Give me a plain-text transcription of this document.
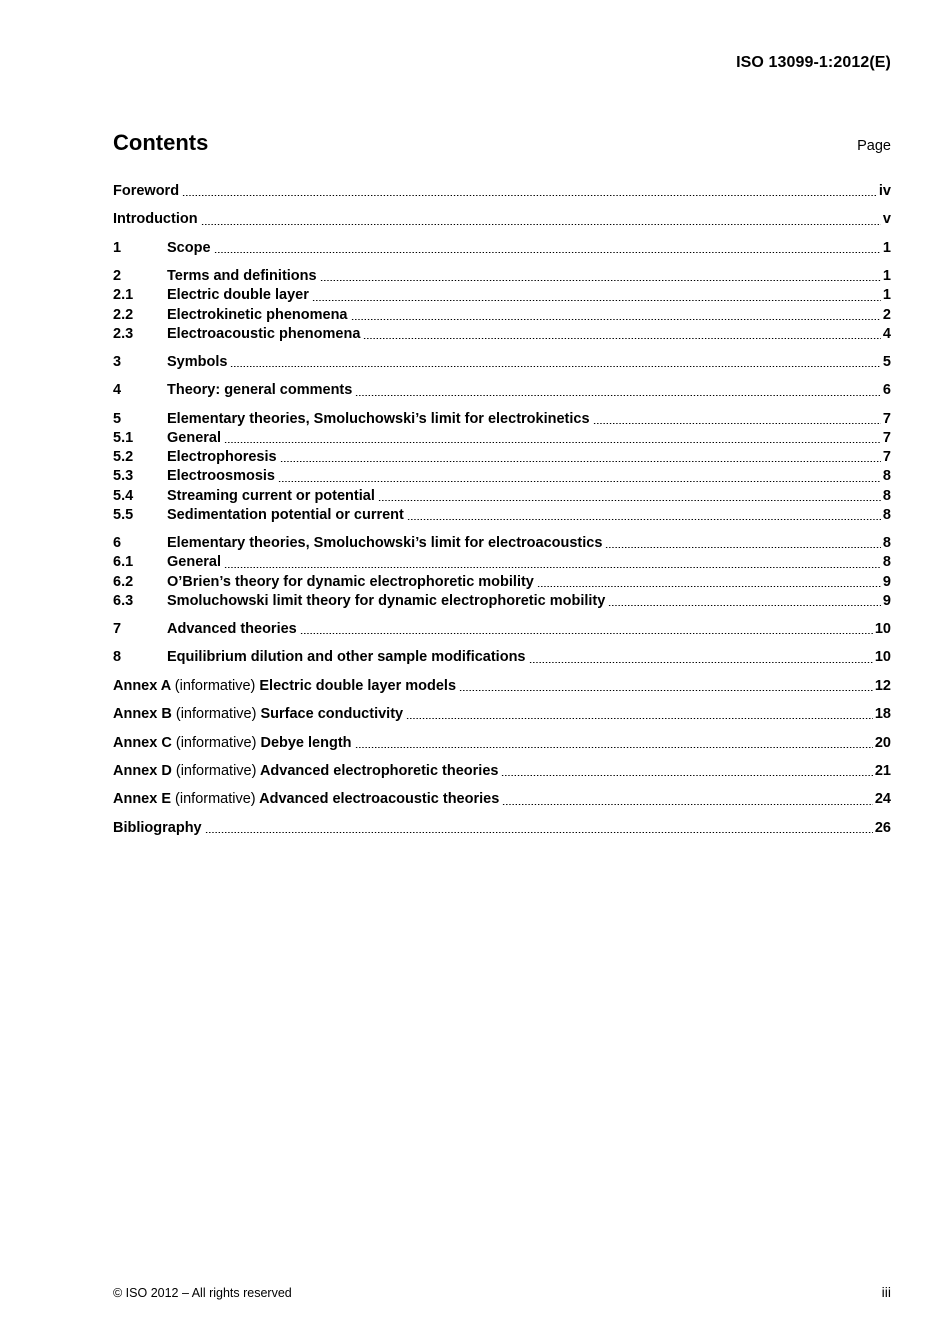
ISO 13099-1:2012(E)
Contents	Page
Foreword	iv
Introduction	v
1	Scope	1
2	Terms and definitions	1
2.1	Electric double layer	1
2.2	Electrokinetic phenomena	2
2.3	Electroacoustic phenomena	4
3	Symbols	5
4	Theory: general comments	6
5	Elementary theories, Smoluchowski’s limit for electrokinetics	7
5.1	General	7
5.2	Electrophoresis	7
5.3	Electroosmosis	8
5.4	Streaming current or potential	8
5.5	Sedimentation potential or current	8
6	Elementary theories, Smoluchowski’s limit for electroacoustics	8
6.1	General	8
6.2	O’Brien’s theory for dynamic electrophoretic mobility	9
6.3	Smoluchowski limit theory for dynamic electrophoretic mobility	9
7	Advanced theories	10
8	Equilibrium dilution and other sample modifications	10
Annex A (informative) Electric double layer models	12
Annex B (informative) Surface conductivity	18
Annex C (informative) Debye length	20
Annex D (informative) Advanced electrophoretic theories	21
Annex E (informative) Advanced electroacoustic theories	24
Bibliography	26
© ISO 2012 – All rights reserved	iii
